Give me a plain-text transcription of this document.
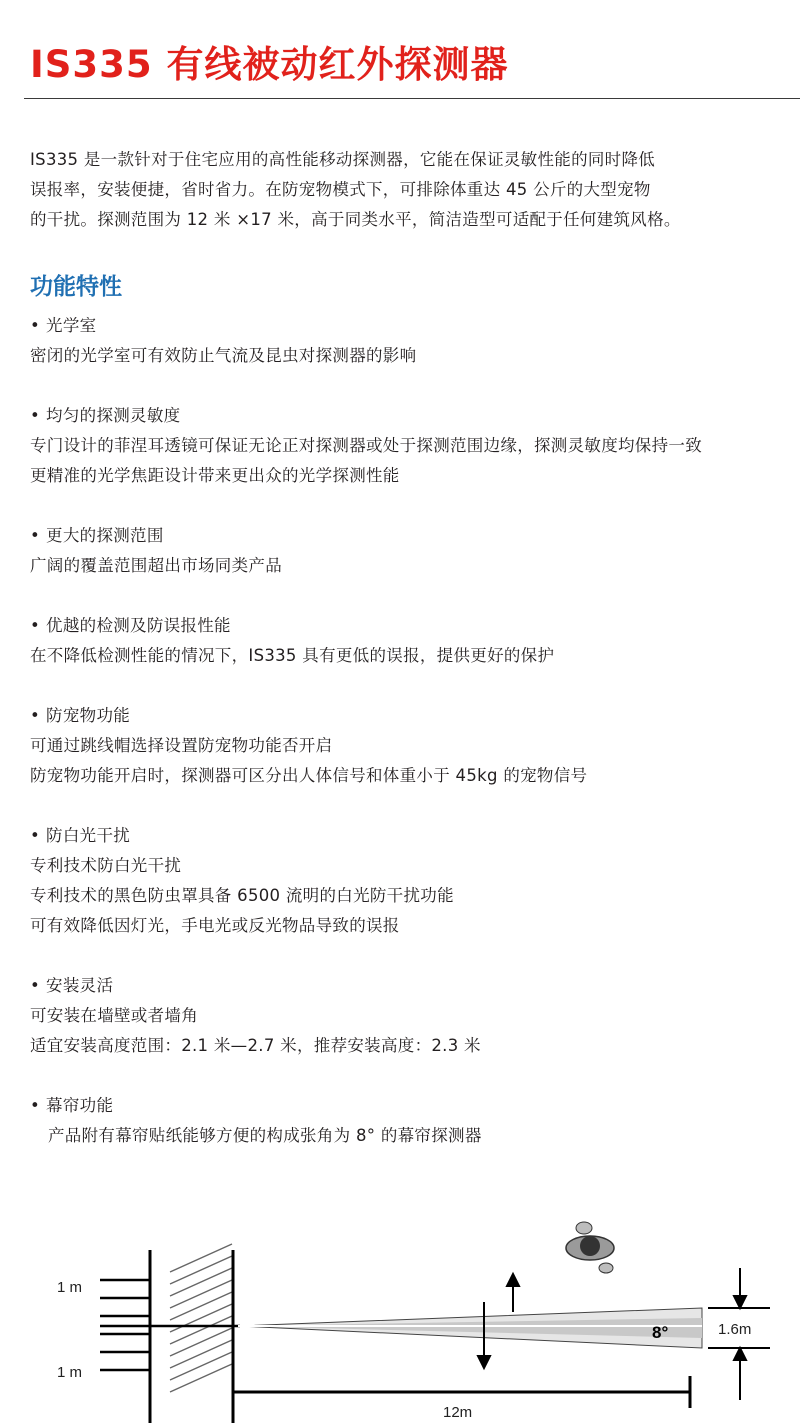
IS335 有线被动红外探测器

IS335 是一款针对于住宅应用的高性能移动探测器，它能在保证灵敏性能的同时降低
误报率，安装便捷，省时省力。在防宠物模式下，可排除体重达 45 公斤的大型宠物
的干扰。探测范围为 12 米 ×17 米，高于同类水平，简洁造型可适配于任何建筑风格。

功能特性
• 光学室
密闭的光学室可有效防止气流及昆虫对探测器的影响
• 均匀的探测灵敏度
专门设计的菲涅耳透镜可保证无论正对探测器或处于探测范围边缘，探测灵敏度均保持一致
更精准的光学焦距设计带来更出众的光学探测性能
• 更大的探测范围
广阔的覆盖范围超出市场同类产品
• 优越的检测及防误报性能
在不降低检测性能的情况下，IS335 具有更低的误报，提供更好的保护
• 防宠物功能
可通过跳线帽选择设置防宠物功能否开启
防宠物功能开启时，探测器可区分出人体信号和体重小于 45kg 的宠物信号
• 防白光干扰
专利技术防白光干扰
专利技术的黑色防虫罩具备 6500 流明的白光防干扰功能
可有效降低因灯光，手电光或反光物品导致的误报
• 安装灵活
可安装在墙壁或者墙角
适宜安装高度范围：2.1 米—2.7 米，推荐安装高度：2.3 米
• 幕帘功能
产品附有幕帘贴纸能够方便的构成张角为 8° 的幕帘探测器
1 m
1 m
8°	1.6m
12m
